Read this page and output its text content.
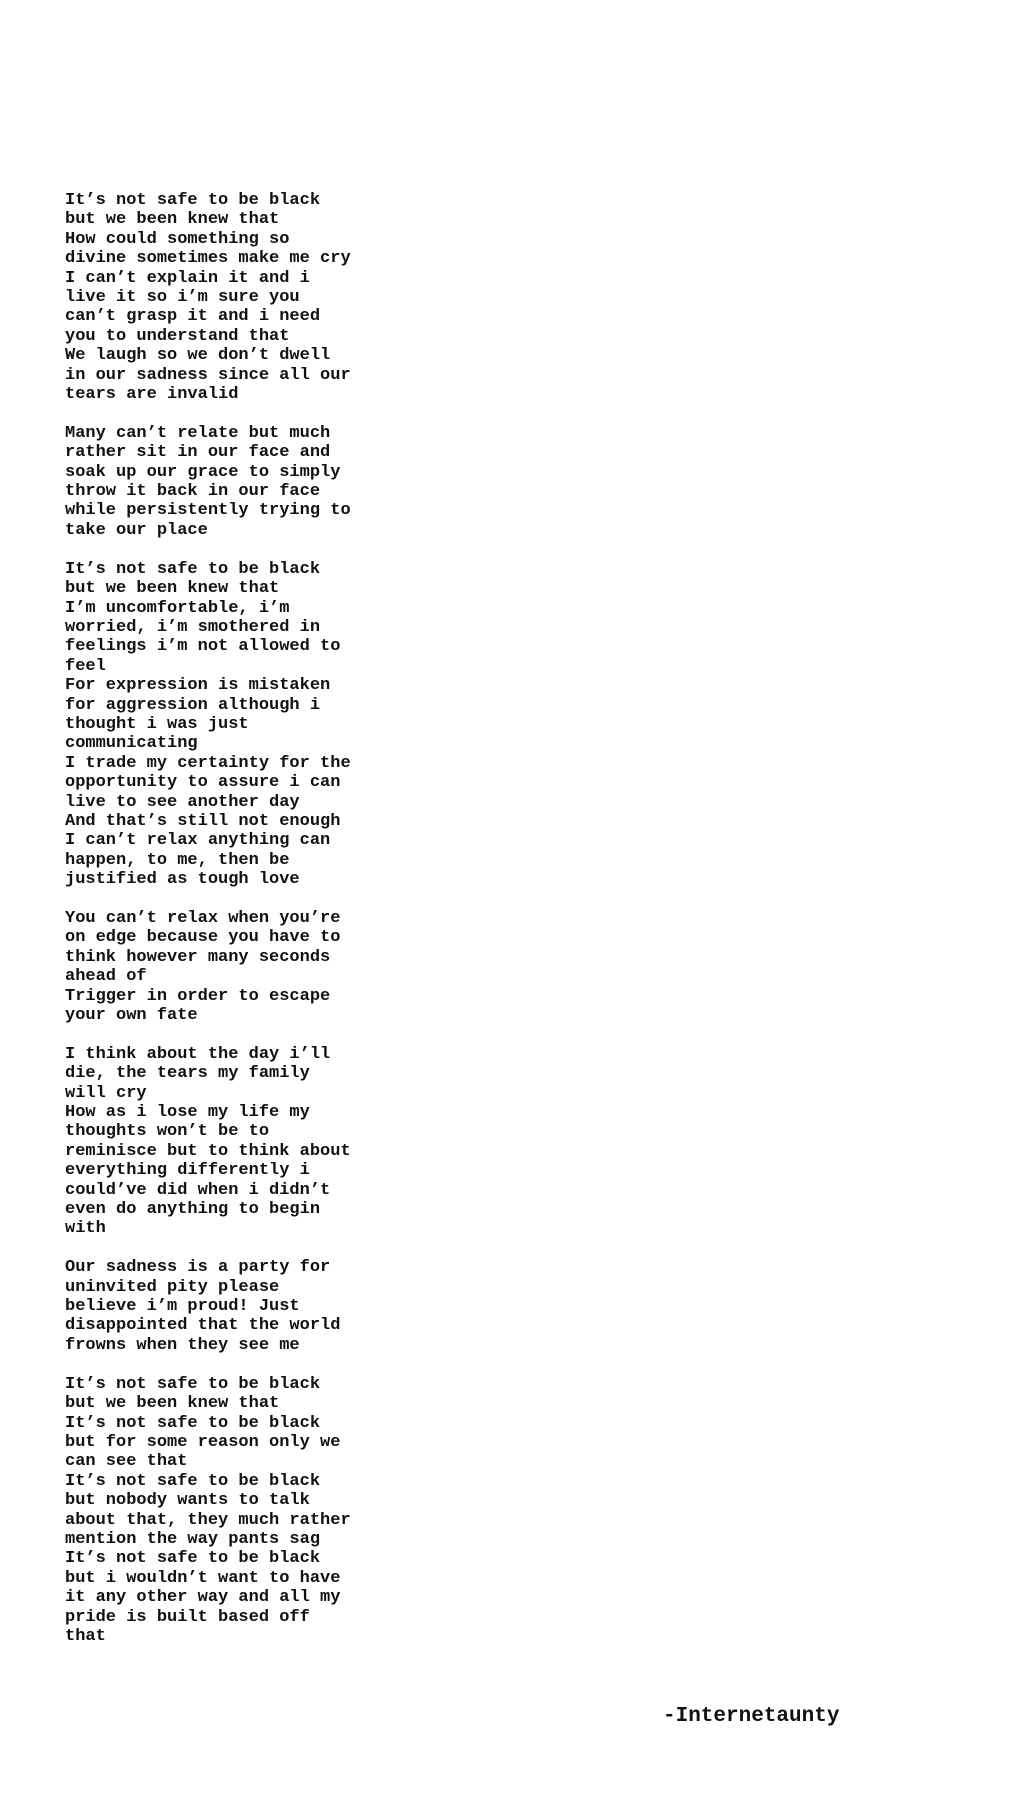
It’s not safe to be black
but we been knew that
How could something so
divine sometimes make me cry
I can’t explain it and i
live it so i’m sure you
can’t grasp it and i need
you to understand that
We laugh so we don’t dwell
in our sadness since all our
tears are invalid
Many can’t relate but much
rather sit in our face and
soak up our grace to simply
throw it back in our face
while persistently trying to
take our place
It’s not safe to be black
but we been knew that
I’m uncomfortable, i’m
worried, i’m smothered in
feelings i’m not allowed to
feel
For expression is mistaken
for aggression although i
thought i was just
communicating
I trade my certainty for the
opportunity to assure i can
live to see another day
And that’s still not enough
I can’t relax anything can
happen, to me, then be
justified as tough love
You can’t relax when you’re
on edge because you have to
think however many seconds
ahead of
Trigger in order to escape
your own fate
I think about the day i’ll
die, the tears my family
will cry
How as i lose my life my
thoughts won’t be to
reminisce but to think about
everything differently i
could’ve did when i didn’t
even do anything to begin
with
Our sadness is a party for
uninvited pity please
believe i’m proud! Just
disappointed that the world
frowns when they see me
It’s not safe to be black
but we been knew that
It’s not safe to be black
but for some reason only we
can see that
It’s not safe to be black
but nobody wants to talk
about that, they much rather
mention the way pants sag
It’s not safe to be black
but i wouldn’t want to have
it any other way and all my
pride is built based off
that
-Internetaunty
